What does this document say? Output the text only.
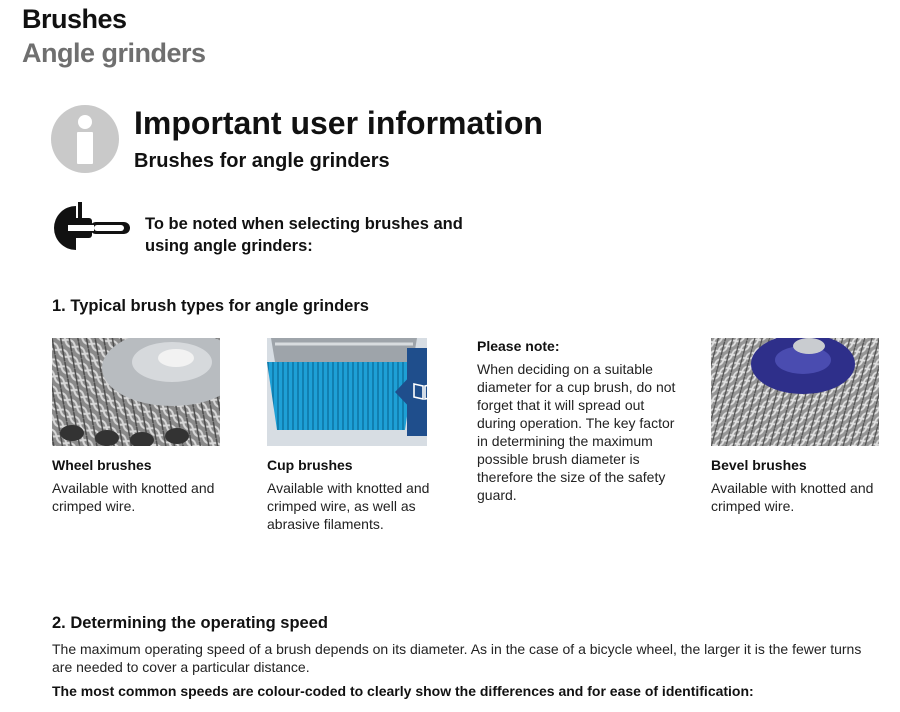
Brushes
Angle grinders
Important user information
Brushes for angle grinders
To be noted when selecting brushes and using angle grinders:
1. Typical brush types for angle grinders
Wheel brushes
Available with knotted and crimped wire.
Cup brushes
Available with knotted and crimped wire, as well as abrasive filaments.
Please note:
When deciding on a suitable diameter for a cup brush, do not forget that it will spread out during operation. The key factor in determining the maximum possible brush diameter is therefore the size of the safety guard.
Bevel brushes
Available with knotted and crimped wire.
2. Determining the operating speed
The maximum operating speed of a brush depends on its diameter. As in the case of a bicycle wheel, the larger it is the fewer turns are needed to cover a particular distance.
The most common speeds are colour-coded to clearly show the differences and for ease of identification:
